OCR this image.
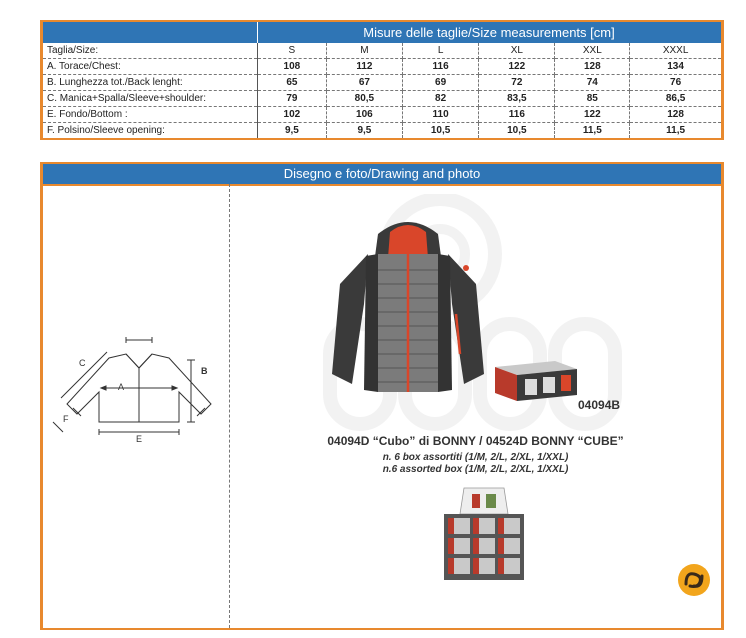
Misure delle taglie/Size measurements [cm]
Taglia/Size:	S	M	L	XL	XXL	XXXL
A. Torace/Chest:	108	112	116	122	128	134
B. Lunghezza tot./Back lenght:	65	67	69	72	74	76
C. Manica+Spalla/Sleeve+shoulder:	79	80,5	82	83,5	85	86,5
E. Fondo/Bottom :	102	106	110	116	122	128
F. Polsino/Sleeve opening:	9,5	9,5	10,5	10,5	11,5	11,5
Disegno e foto/Drawing and photo
A
B
C
E
F
04094B
04094D “Cubo” di BONNY / 04524D BONNY “CUBE”
n. 6 box assortiti (1/M, 2/L, 2/XL, 1/XXL)
n.6 assorted box (1/M, 2/L, 2/XL, 1/XXL)
